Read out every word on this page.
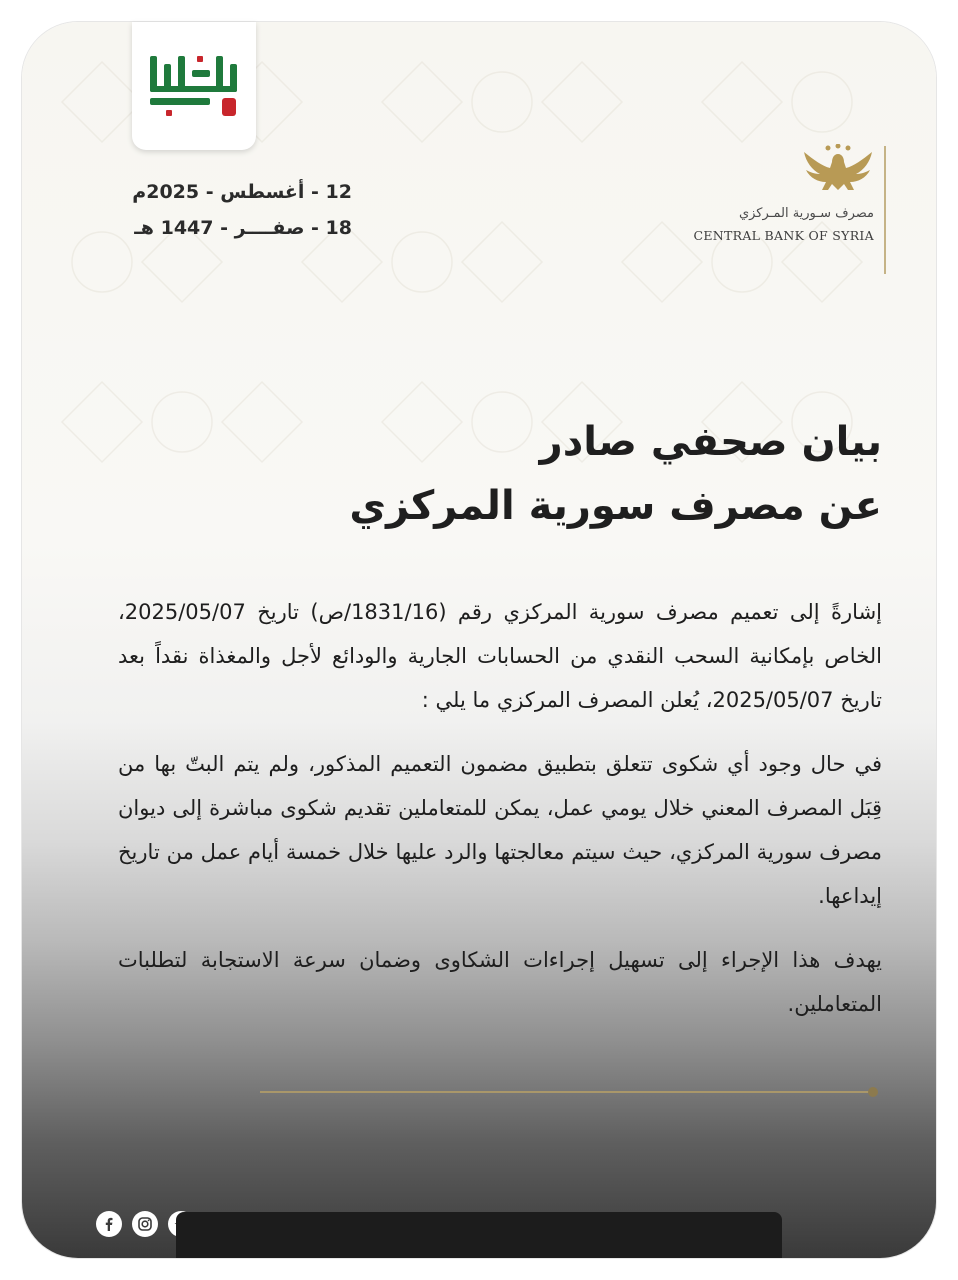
12 - أغسطس - 2025م
18 - صفــــر - 1447 هـ
مصرف سـورية المـركزي
CENTRAL BANK OF SYRIA
بيان صحفي صادر
عن مصرف سورية المركزي

إشارةً إلى تعميم مصرف سورية المركزي رقم (1831/16/ص) تاريخ 2025/05/07، الخاص بإمكانية السحب النقدي من الحسابات الجارية والودائع لأجل والمغذاة نقداً بعد تاريخ 2025/05/07، يُعلن المصرف المركزي ما يلي :

في حال وجود أي شكوى تتعلق بتطبيق مضمون التعميم المذكور، ولم يتم البتّ بها من قِبَل المصرف المعني خلال يومي عمل، يمكن للمتعاملين تقديم شكوى مباشرة إلى ديوان مصرف سورية المركزي، حيث سيتم معالجتها والرد عليها خلال خمسة أيام عمل من تاريخ إيداعها.

يهدف هذا الإجراء إلى تسهيل إجراءات الشكاوى وضمان سرعة الاستجابة لتطلبات المتعاملين.

الجماهير
